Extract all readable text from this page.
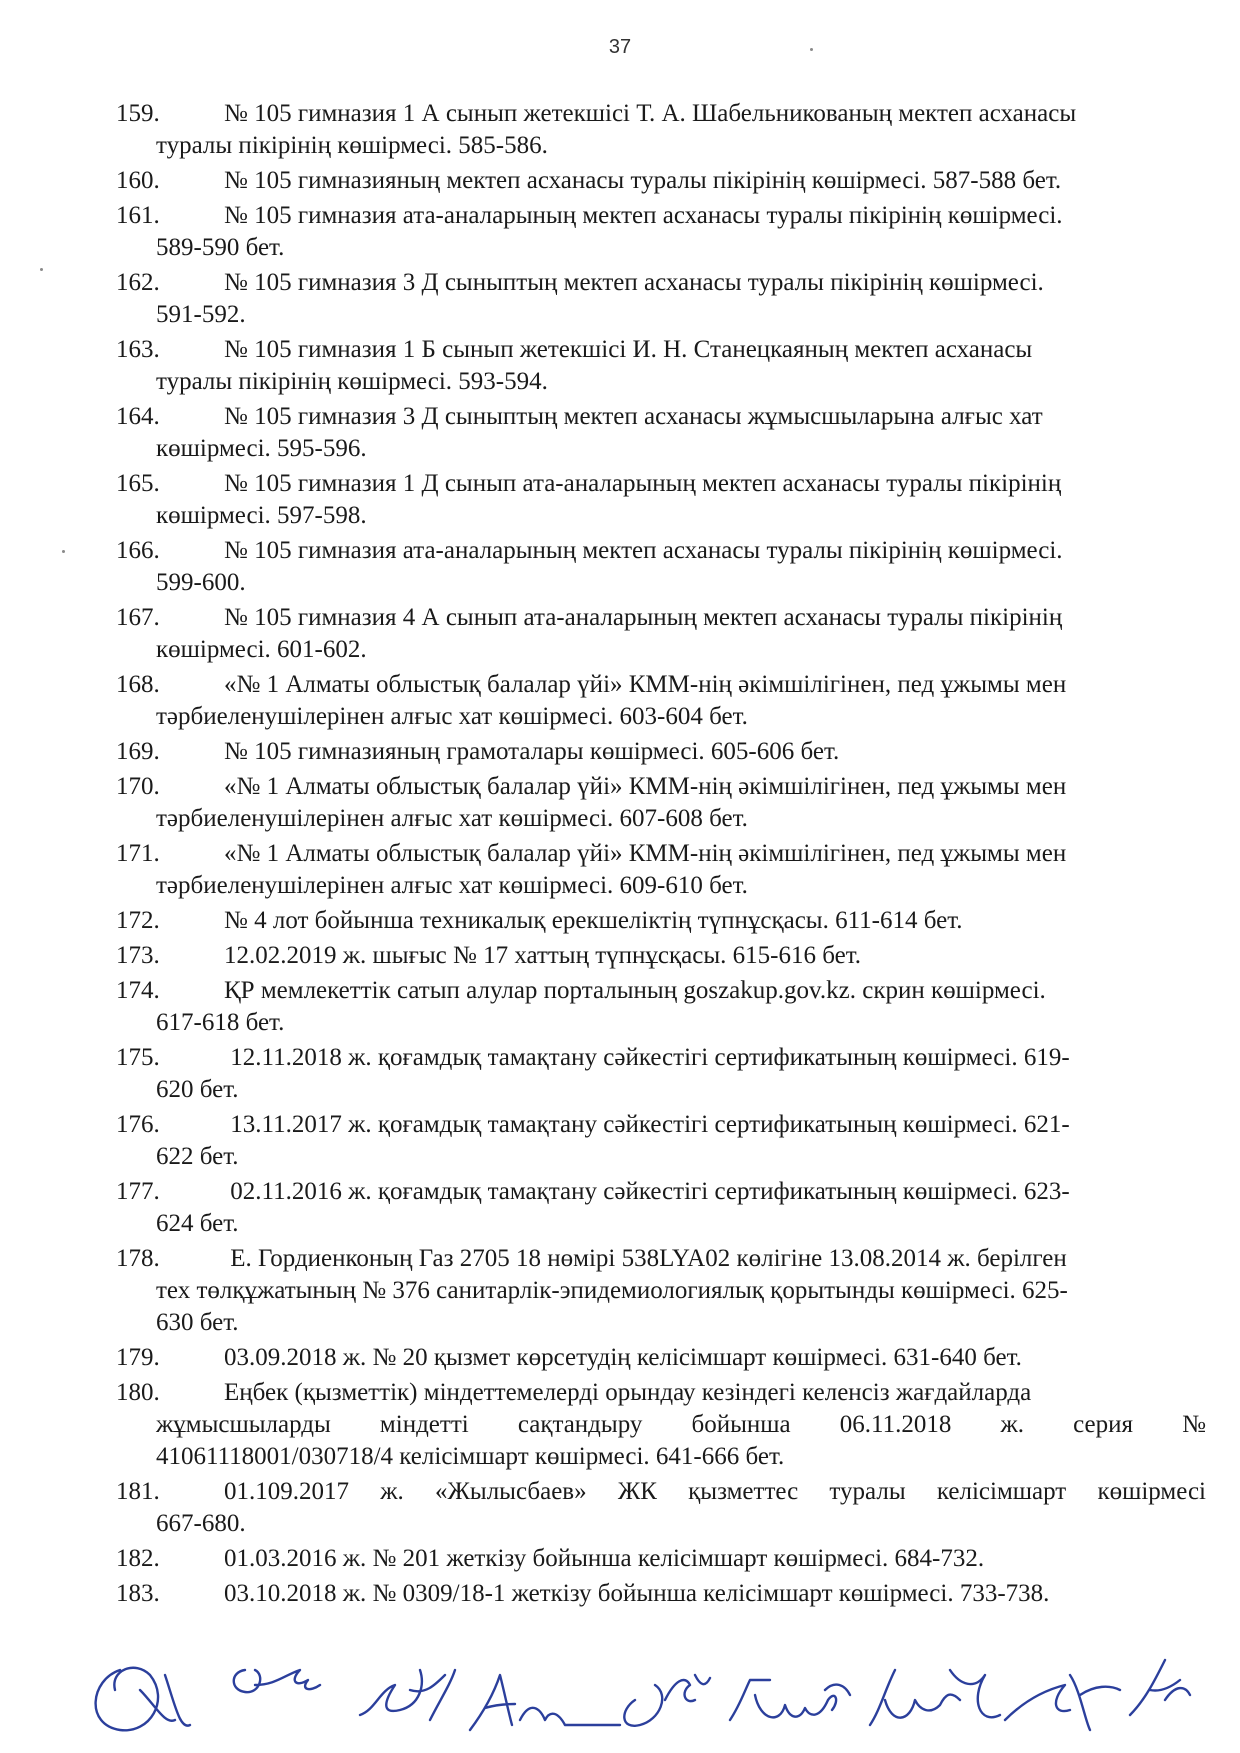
37
159.	№ 105 гимназия 1 А сынып жетекшісі Т. А. Шабельникованың мектеп асханасы
туралы пікірінің көшірмесі. 585-586.
160.	№ 105 гимназияның мектеп асханасы туралы пікірінің көшірмесі. 587-588 бет.
161.	№ 105 гимназия ата-аналарының мектеп асханасы туралы пікірінің көшірмесі.
589-590 бет.
162.	№ 105 гимназия 3 Д сыныптың мектеп асханасы туралы пікірінің көшірмесі.
591-592.
163.	№ 105 гимназия 1 Б сынып жетекшісі И. Н. Станецкаяның мектеп асханасы
туралы пікірінің көшірмесі. 593-594.
164.	№ 105 гимназия 3 Д сыныптың мектеп асханасы жұмысшыларына алғыс хат
көшірмесі. 595-596.
165.	№ 105 гимназия 1 Д сынып ата-аналарының мектеп асханасы туралы пікірінің
көшірмесі. 597-598.
166.	№ 105 гимназия ата-аналарының мектеп асханасы туралы пікірінің көшірмесі.
599-600.
167.	№ 105 гимназия 4 А сынып ата-аналарының мектеп асханасы туралы пікірінің
көшірмесі. 601-602.
168.	«№ 1 Алматы облыстық балалар үйі» КММ-нің әкімшілігінен, пед ұжымы мен
тәрбиеленушілерінен алғыс хат көшірмесі. 603-604 бет.
169.	№ 105 гимназияның грамоталары көшірмесі. 605-606 бет.
170.	«№ 1 Алматы облыстық балалар үйі» КММ-нің әкімшілігінен, пед ұжымы мен
тәрбиеленушілерінен алғыс хат көшірмесі. 607-608 бет.
171.	«№ 1 Алматы облыстық балалар үйі» КММ-нің әкімшілігінен, пед ұжымы мен
тәрбиеленушілерінен алғыс хат көшірмесі. 609-610 бет.
172.	№ 4 лот бойынша техникалық ерекшеліктің түпнұсқасы. 611-614 бет.
173.	12.02.2019 ж. шығыс № 17 хаттың түпнұсқасы. 615-616 бет.
174.	ҚР мемлекеттік сатып алулар порталының goszakup.gov.kz. скрин көшірмесі.
617-618 бет.
175.	12.11.2018 ж. қоғамдық тамақтану сәйкестігі сертификатының көшірмесі. 619-
620 бет.
176.	13.11.2017 ж. қоғамдық тамақтану сәйкестігі сертификатының көшірмесі. 621-
622 бет.
177.	02.11.2016 ж. қоғамдық тамақтану сәйкестігі сертификатының көшірмесі. 623-
624 бет.
178.	Е. Гордиенконың Газ 2705 18 нөмірі 538LYA02 көлігіне 13.08.2014 ж. берілген
тех төлқұжатының № 376 санитарлік-эпидемиологиялық қорытынды көшірмесі. 625-
630 бет.
179.	03.09.2018 ж. № 20 қызмет көрсетудің келісімшарт көшірмесі. 631-640 бет.
180.	Еңбек (қызметтік) міндеттемелерді орындау кезіндегі келенсіз жағдайларда
жұмысшыларды міндетті сақтандыру бойынша 06.11.2018 ж. серия №
41061118001/030718/4 келісімшарт көшірмесі. 641-666 бет.
181.	01.109.2017 ж. «Жылысбаев» ЖК қызметтес туралы келісімшарт көшірмесі
667-680.
182.	01.03.2016 ж. № 201 жеткізу бойынша келісімшарт көшірмесі. 684-732.
183.	03.10.2018 ж. № 0309/18-1 жеткізу бойынша келісімшарт көшірмесі. 733-738.
